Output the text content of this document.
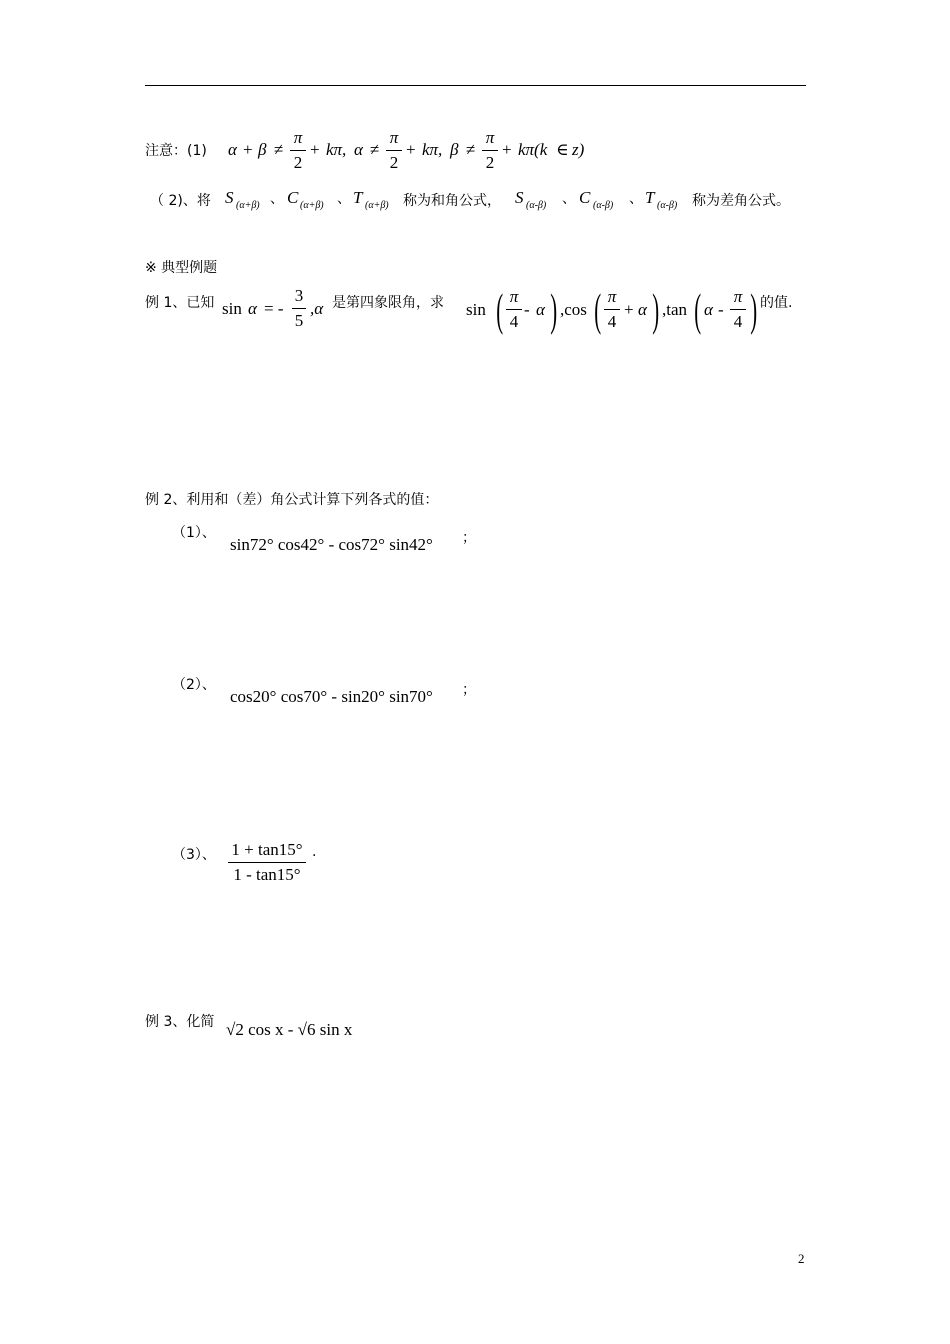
注意：(1) α + β ≠
π
2
+ kπ, α ≠
π
2
+ kπ, β ≠
π
2
+ kπ(k ∈ z)
（ 2)、将 S (α+β) 、 C (α+β) 、 T (α+β) 称为和角公式， S (α-β) 、 C (α-β) 、 T (α-β) 称为差角公式。
※ 典型例题
例 1、已知 sin α = -
3
5
,α 是第四象限角，求 sin ( π
4
- α ) ,cos ( π
4
+ α ) ,tan ( α -
π
4 ) 的值.
例 2、利用和（差）角公式计算下列各式的值：
（1）、
sin72° cos42° - cos72° sin42° ；
（2）、
cos20° cos70° - sin20° sin70° ；
（3）、 1 + tan15°
1 - tan15°
.
例 3、化简 √2 cos x - √6 sin x
2
